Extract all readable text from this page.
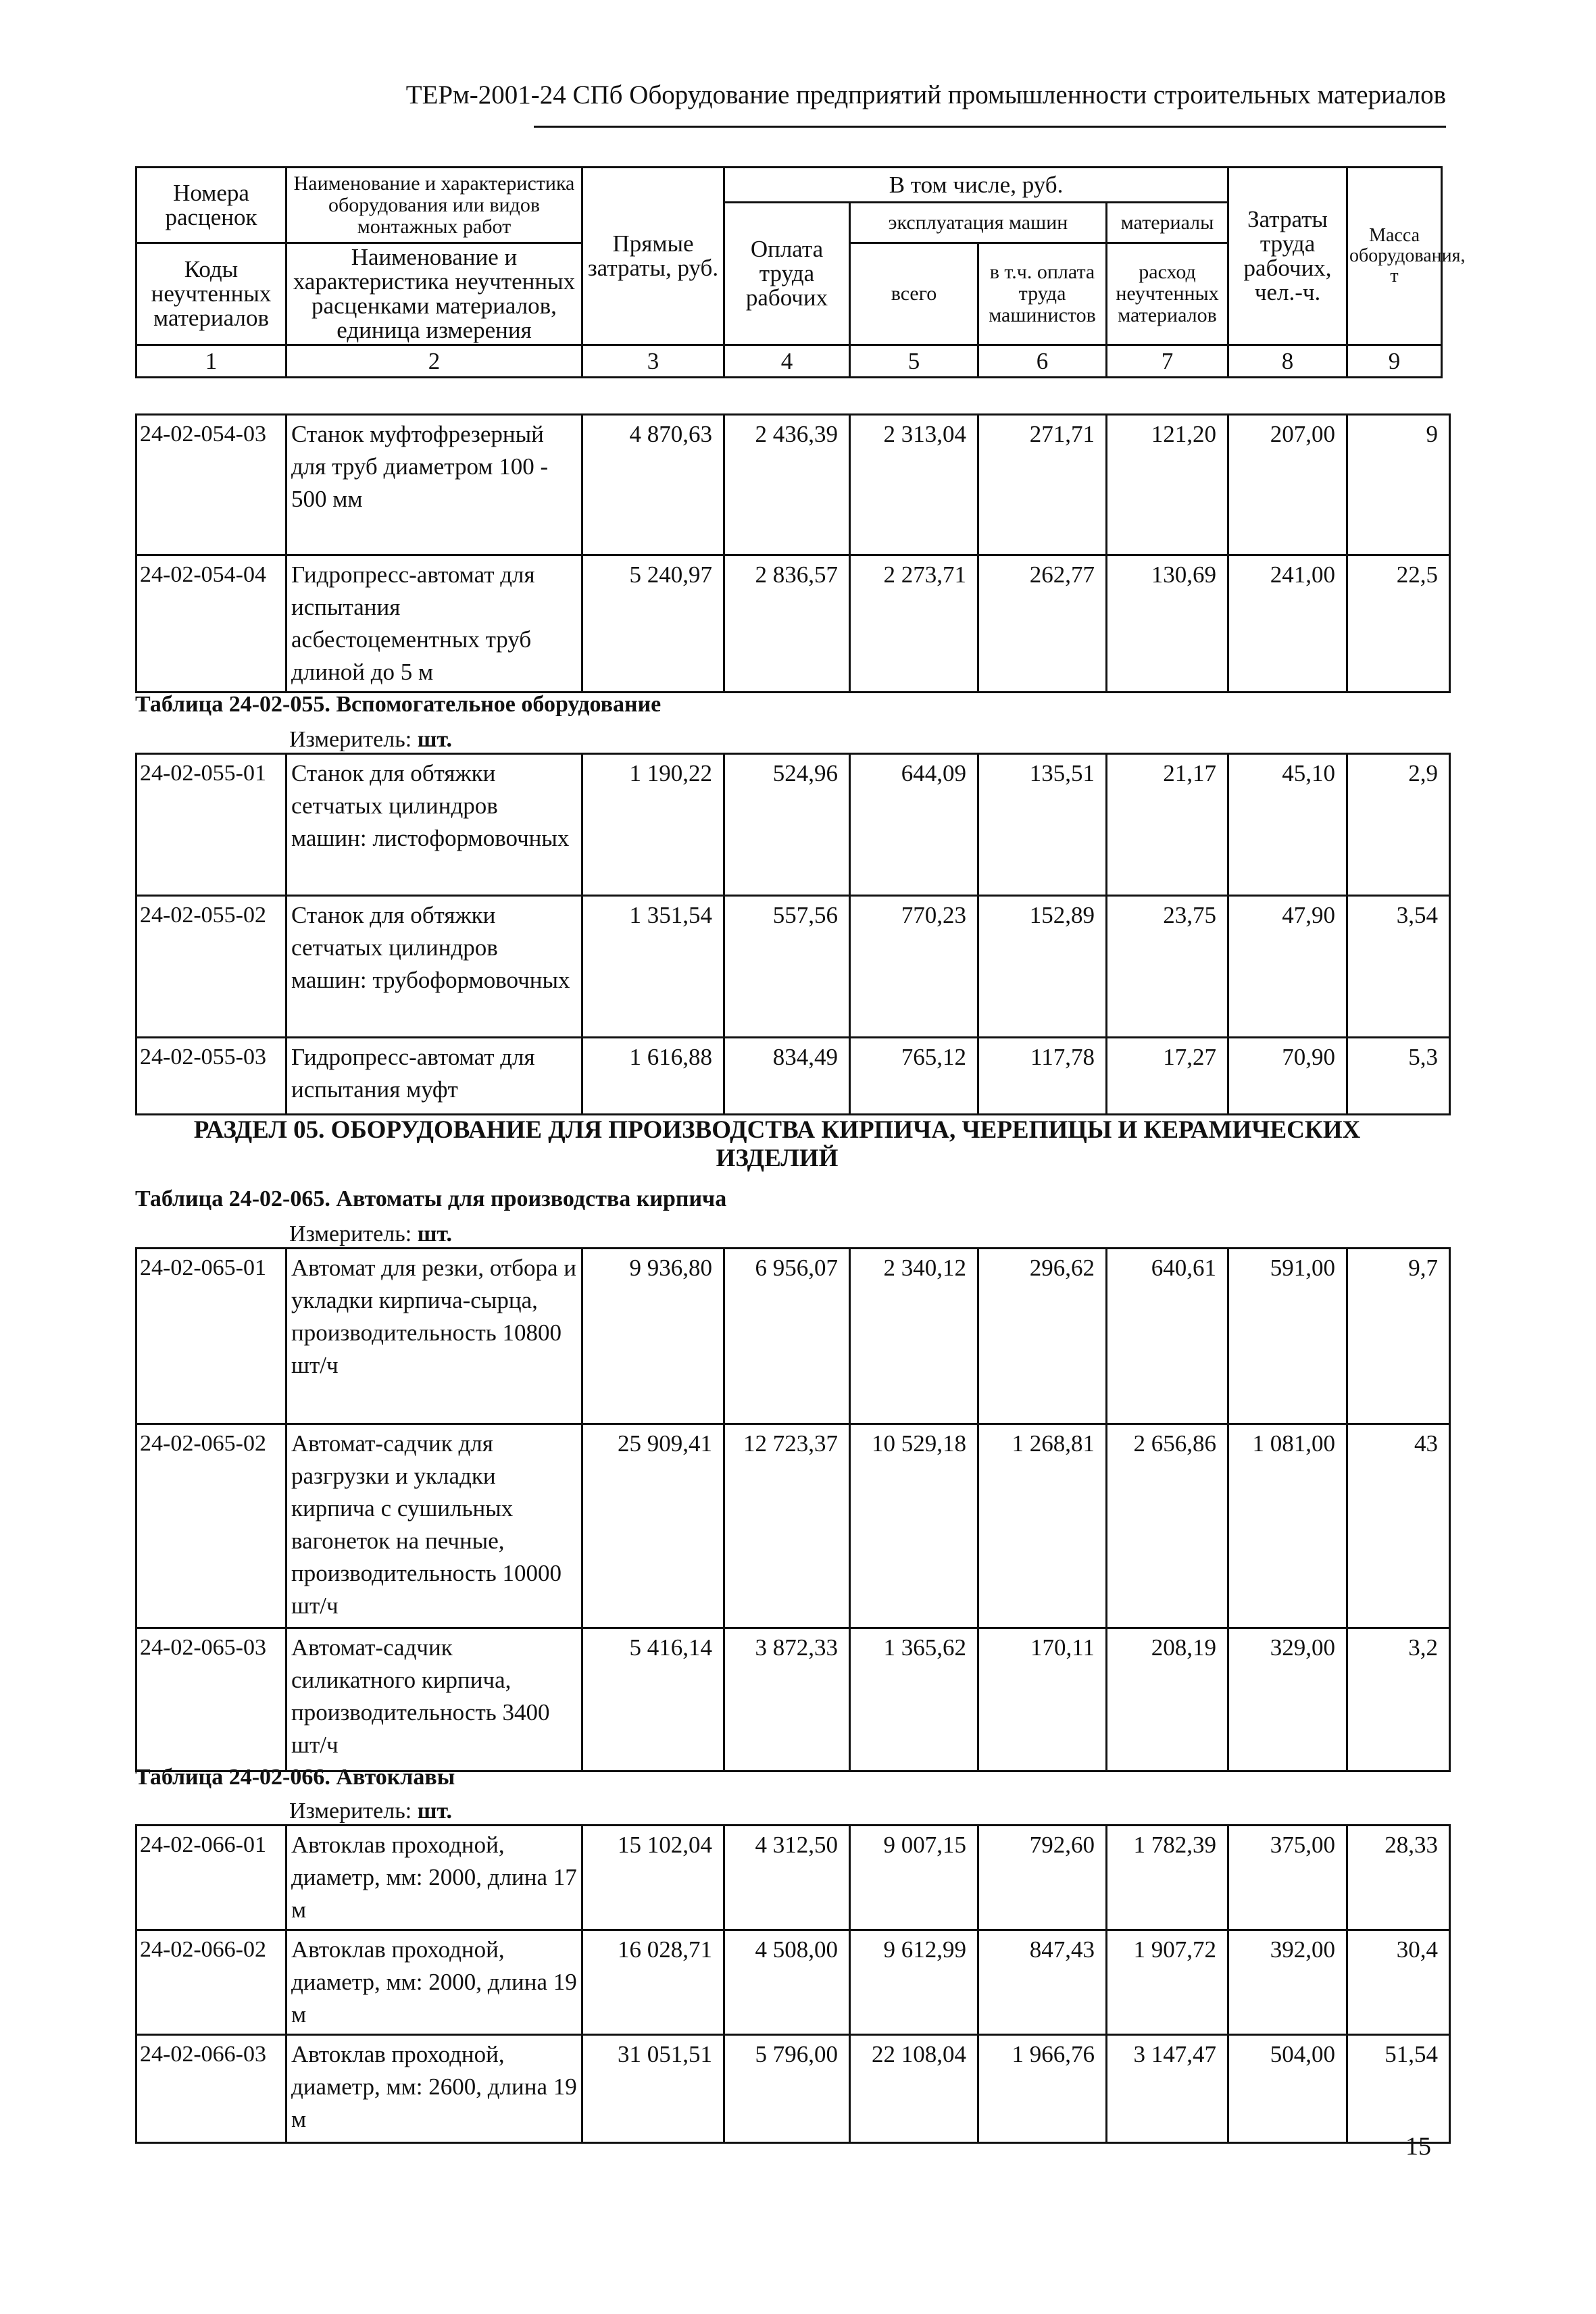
ТЕРм-2001-24 СПб Оборудование предприятий промышленности строительных материалов
Номера расценок	Наименование и характеристика оборудования или видов монтажных работ	Прямые затраты, руб.	В том числе, руб.				Затраты труда рабочих, чел.-ч.	Масса оборудования, т
			Оплата труда рабочих	эксплуатация машин		материалы		
Коды неучтенных материалов	Наименование и характеристика неучтенных расценками материалов, единица измерения			всего	в т.ч. оплата труда машинистов	расход неучтенных материалов		

1	2	3	4	5	6	7	8	9
24-02-054-03	Станок муфтофрезерный для труб диаметром 100 - 500 мм	4 870,63	2 436,39	2 313,04	271,71	121,20	207,00	9
24-02-054-04	Гидропресс-автомат для испытания асбестоцементных труб длиной до 5 м	5 240,97	2 836,57	2 273,71	262,77	130,69	241,00	22,5
Таблица 24-02-055. Вспомогательное оборудование
Измеритель: шт.
24-02-055-01	Станок для обтяжки сетчатых цилиндров машин: листоформовочных	1 190,22	524,96	644,09	135,51	21,17	45,10	2,9
24-02-055-02	Станок для обтяжки сетчатых цилиндров машин: трубоформовочных	1 351,54	557,56	770,23	152,89	23,75	47,90	3,54
24-02-055-03	Гидропресс-автомат для испытания муфт	1 616,88	834,49	765,12	117,78	17,27	70,90	5,3
РАЗДЕЛ 05. ОБОРУДОВАНИЕ ДЛЯ ПРОИЗВОДСТВА КИРПИЧА, ЧЕРЕПИЦЫ И КЕРАМИЧЕСКИХ ИЗДЕЛИЙ
Таблица 24-02-065. Автоматы для производства кирпича
Измеритель: шт.
24-02-065-01	Автомат для резки, отбора и укладки кирпича-сырца, производительность 10800 шт/ч	9 936,80	6 956,07	2 340,12	296,62	640,61	591,00	9,7
24-02-065-02	Автомат-садчик для разгрузки и укладки кирпича с сушильных вагонеток на печные, производительность 10000 шт/ч	25 909,41	12 723,37	10 529,18	1 268,81	2 656,86	1 081,00	43
24-02-065-03	Автомат-садчик силикатного кирпича, производительность 3400 шт/ч	5 416,14	3 872,33	1 365,62	170,11	208,19	329,00	3,2
Таблица 24-02-066. Автоклавы
Измеритель: шт.
24-02-066-01	Автоклав проходной, диаметр, мм: 2000, длина 17 м	15 102,04	4 312,50	9 007,15	792,60	1 782,39	375,00	28,33
24-02-066-02	Автоклав проходной, диаметр, мм: 2000, длина 19 м	16 028,71	4 508,00	9 612,99	847,43	1 907,72	392,00	30,4
24-02-066-03	Автоклав проходной, диаметр, мм: 2600, длина 19 м	31 051,51	5 796,00	22 108,04	1 966,76	3 147,47	504,00	51,54
15
